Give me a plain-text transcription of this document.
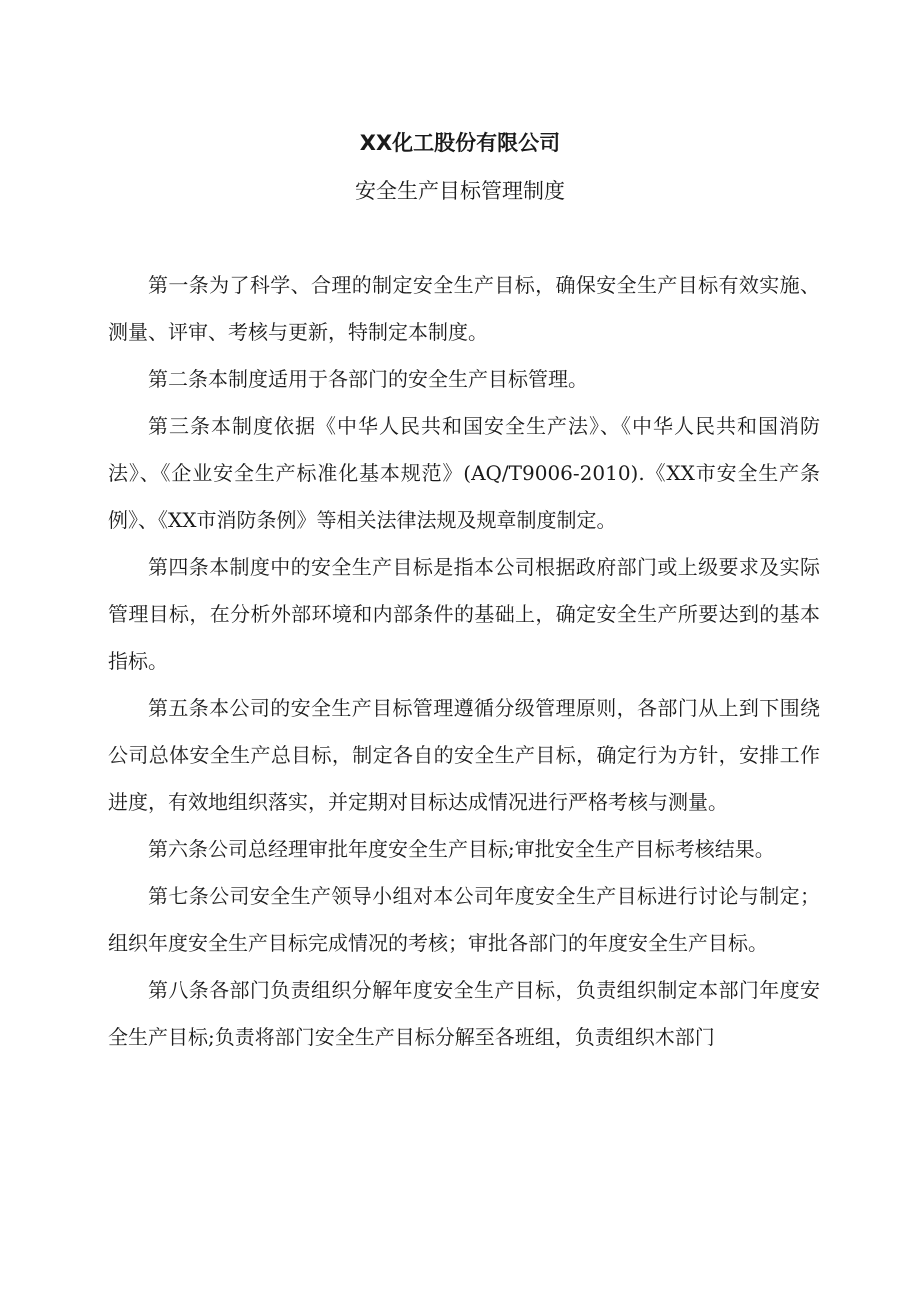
XX化工股份有限公司
安全生产目标管理制度

第一条为了科学、合理的制定安全生产目标，确保安全生产目标有效实施、测量、评审、考核与更新，特制定本制度。

第二条本制度适用于各部门的安全生产目标管理。

第三条本制度依据《中华人民共和国安全生产法》、《中华人民共和国消防法》、《企业安全生产标准化基本规范》(AQ/T9006-2010).《XX市安全生产条例》、《XX市消防条例》等相关法律法规及规章制度制定。

第四条本制度中的安全生产目标是指本公司根据政府部门或上级要求及实际管理目标，在分析外部环境和内部条件的基础上，确定安全生产所要达到的基本指标。

第五条本公司的安全生产目标管理遵循分级管理原则，各部门从上到下围绕公司总体安全生产总目标，制定各自的安全生产目标，确定行为方针，安排工作进度，有效地组织落实，并定期对目标达成情况进行严格考核与测量。

第六条公司总经理审批年度安全生产目标;审批安全生产目标考核结果。

第七条公司安全生产领导小组对本公司年度安全生产目标进行讨论与制定；组织年度安全生产目标完成情况的考核；审批各部门的年度安全生产目标。

第八条各部门负责组织分解年度安全生产目标，负责组织制定本部门年度安全生产目标;负责将部门安全生产目标分解至各班组，负责组织木部门
